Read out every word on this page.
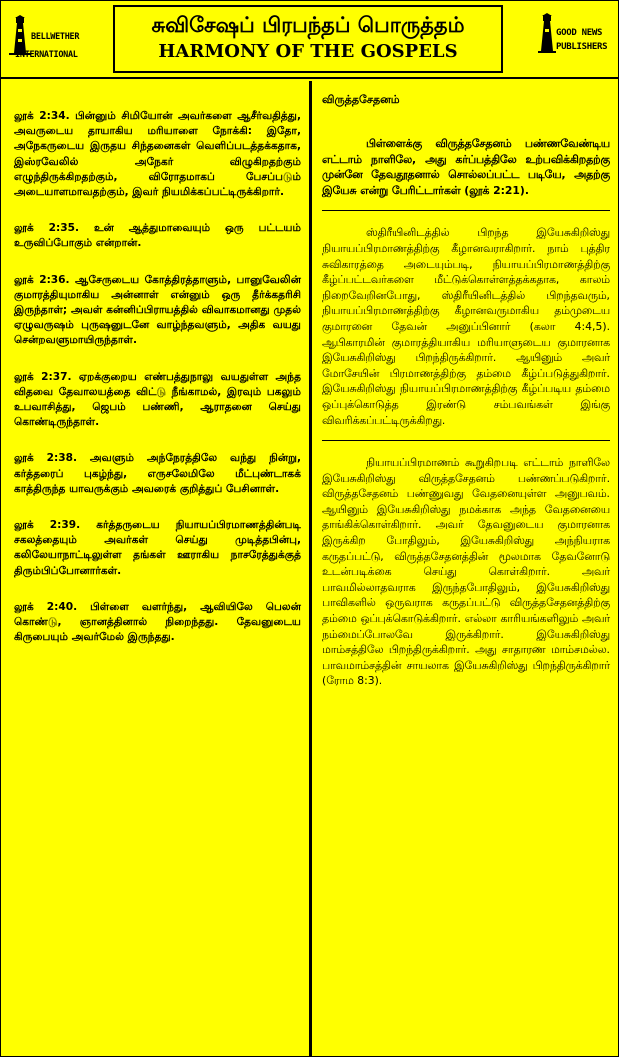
BELLWETHER
INTERNATIONAL
சுவிசேஷப் பிரபந்தப் பொருத்தம்
HARMONY OF THE GOSPELS
GOOD NEWS
PUBLISHERS

லூக் 2:34. பின்னும் சிமியோன் அவர்களை ஆசீர்வதித்து, அவருடைய தாயாகிய மரியாளை நோக்கி: இதோ, அநேகருடைய இருதய சிந்தனைகள் வெளிப்படத்தக்கதாக, இஸ்ரவேலில் அநேகர் விழுகிறதற்கும் எழுந்திருக்கிறதற்கும், விரோதமாகப் பேசப்படும் அடையாளமாவதற்கும், இவர் நியமிக்கப்பட்டிருக்கிறார்.

லூக் 2:35. உன் ஆத்துமாவையும் ஒரு பட்டயம் உருவிப்போகும் என்றான்.

லூக் 2:36. ஆசேருடைய கோத்திரத்தாளும், பானுவேலின் குமாரத்தியுமாகிய அன்னாள் என்னும் ஒரு தீர்க்கதரிசி இருந்தாள்; அவள் கன்னிப்பிராயத்தில் விவாகமானது முதல் ஏழுவருஷம் புருஷனுடனே வாழ்ந்தவளும், அதிக வயது சென்றவளுமாயிருந்தாள்.

லூக் 2:37. ஏறக்குறைய எண்பத்துநாலு வயதுள்ள அந்த விதவை தேவாலயத்தை விட்டு நீங்காமல், இரவும் பகலும் உபவாசித்து, ஜெபம் பண்ணி, ஆராதனை செய்து கொண்டிருந்தாள்.

லூக் 2:38. அவளும் அந்நேரத்திலே வந்து நின்று, கர்த்தரைப் புகழ்ந்து, எருசலேமிலே மீட்புண்டாகக் காத்திருந்த யாவருக்கும் அவரைக் குறித்துப் பேசினாள்.

லூக் 2:39. கர்த்தருடைய நியாயப்பிரமாணத்தின்படி சகலத்தையும் அவர்கள் செய்து முடித்தபின்பு, கலிலேயாநாட்டிலுள்ள தங்கள் ஊராகிய நாசரேத்துக்குத் திரும்பிப்போனார்கள்.

லூக் 2:40. பிள்ளை வளர்ந்து, ஆவியிலே பெலன் கொண்டு, ஞானத்தினால் நிறைந்தது. தேவனுடைய கிருபையும் அவர்மேல் இருந்தது.

விருத்தசேதனம்

பிள்ளைக்கு விருத்தசேதனம் பண்ணவேண்டிய எட்டாம் நாளிலே, அது கர்ப்பத்திலே உற்பவிக்கிறதற்கு முன்னே தேவதூதனால் சொல்லப்பட்ட படியே, அதற்கு இயேசு என்று பேரிட்டார்கள் (லூக் 2:21).

ஸ்திரீயினிடத்தில் பிறந்த இயேசுகிறிஸ்து நியாயப்பிரமாணத்திற்கு கீழானவராகிறார். நாம் புத்திர சுவிகாரத்தை அடையும்படி, நியாயப்பிரமாணத்திற்கு கீழ்ப்பட்டவர்களை மீட்டுக்கொள்ளத்தக்கதாக, காலம் நிறைவேறினபோது, ஸ்திரீயினிடத்தில் பிறந்தவரும், நியாயப்பிரமாணத்திற்கு கீழானவருமாகிய தம்முடைய குமாரனை தேவன் அனுப்பினார் (கலா 4:4,5). ஆபிகாரமின் குமாரத்தியாகிய மரியாளுடைய குமாரனாக இயேசுகிறிஸ்து பிறந்திருக்கிறார். ஆயினும் அவர் மோசேயின் பிரமாணத்திற்கு தம்மை கீழ்ப்படுத்துகிறார். இயேசுகிறிஸ்து நியாயப்பிரமாணத்திற்கு கீழ்ப்படிய தம்மை ஒப்புக்கொடுத்த இரண்டு சம்பவங்கள் இங்கு விவரிக்கப்பட்டிருக்கிறது.

நியாயப்பிரமாணம் கூறுகிறபடி எட்டாம் நாளிலே இயேசுகிறிஸ்து விருத்தசேதனம் பண்ணப்படுகிறார். விருத்தசேதனம் பண்ணுவது வேதனையுள்ள அனுபவம். ஆயினும் இயேசுகிறிஸ்து நமக்காக அந்த வேதனையை தாங்கிக்கொள்கிறார். அவர் தேவனுடைய குமாரனாக இருக்கிற போதிலும், இயேசுகிறிஸ்து அந்நியராக கருதப்பட்டு, விருத்தசேதனத்தின் மூலமாக தேவனோடு உடன்படிக்கை செய்து கொள்கிறார். அவர் பாவமில்லாதவராக இருந்தபோதிலும், இயேசுகிறிஸ்து பாவிகளில் ஒருவராக கருதப்பட்டு விருத்தசேதனத்திற்கு தம்மை ஒப்புக்கொடுக்கிறார். எல்லா காரியங்களிலும் அவர் நம்மைப்போலவே இருக்கிறார். இயேசுகிறிஸ்து மாம்சத்திலே பிறந்திருக்கிறார். அது சாதாரண மாம்சமல்ல. பாவமாம்சத்தின் சாயலாக இயேசுகிறிஸ்து பிறந்திருக்கிறார் (ரோம 8:3).
